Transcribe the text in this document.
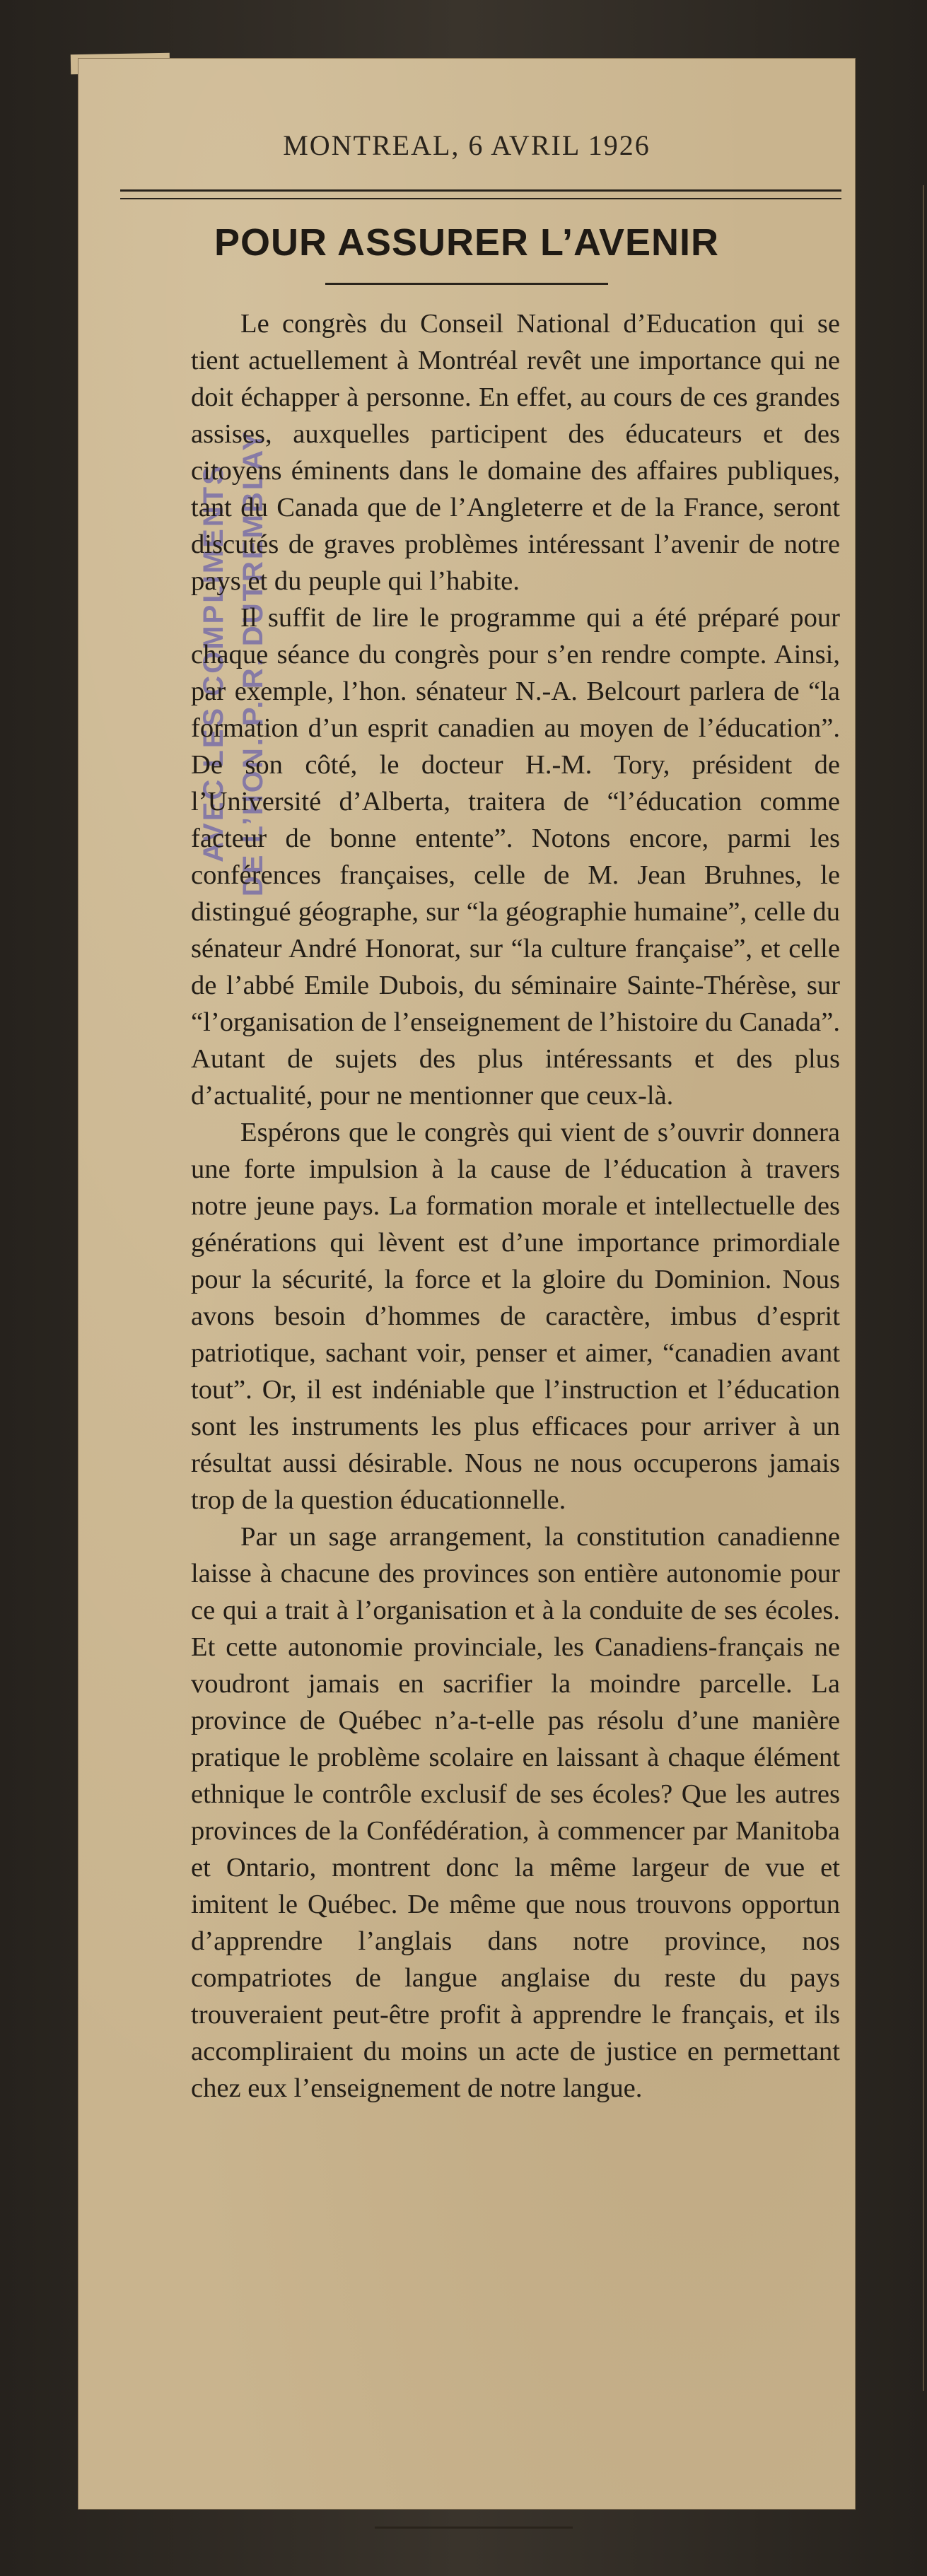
MONTREAL, 6 AVRIL 1926
POUR ASSURER L’AVENIR
AVEC LES COMPLIMENTS DE L’HON. P. R. DUTREMBLAY

Le congrès du Conseil National d’Education qui se tient actuellement à Montréal revêt une importance qui ne doit échapper à personne. En effet, au cours de ces grandes assises, auxquelles participent des éducateurs et des citoyens éminents dans le domaine des affaires publiques, tant du Canada que de l’Angleterre et de la France, seront discutés de graves problèmes intéressant l’avenir de notre pays et du peuple qui l’habite.

Il suffit de lire le programme qui a été préparé pour chaque séance du congrès pour s’en rendre compte. Ainsi, par exemple, l’hon. sénateur N.-A. Belcourt parlera de “la formation d’un esprit canadien au moyen de l’éducation”. De son côté, le docteur H.-M. Tory, président de l’Université d’Alberta, traitera de “l’éducation comme facteur de bonne entente”. Notons encore, parmi les conférences françaises, celle de M. Jean Bruhnes, le distingué géographe, sur “la géographie humaine”, celle du sénateur André Honorat, sur “la culture française”, et celle de l’abbé Emile Dubois, du séminaire Sainte-Thérèse, sur “l’organisation de l’enseignement de l’histoire du Canada”. Autant de sujets des plus intéressants et des plus d’actualité, pour ne mentionner que ceux-là.

Espérons que le congrès qui vient de s’ouvrir donnera une forte impulsion à la cause de l’éducation à travers notre jeune pays. La formation morale et intellectuelle des générations qui lèvent est d’une importance primordiale pour la sécurité, la force et la gloire du Dominion. Nous avons besoin d’hommes de caractère, imbus d’esprit patriotique, sachant voir, penser et aimer, “canadien avant tout”. Or, il est indéniable que l’instruction et l’éducation sont les instruments les plus efficaces pour arriver à un résultat aussi désirable. Nous ne nous occuperons jamais trop de la question éducationnelle.

Par un sage arrangement, la constitution canadienne laisse à chacune des provinces son entière autonomie pour ce qui a trait à l’organisation et à la conduite de ses écoles. Et cette autonomie provinciale, les Canadiens-français ne voudront jamais en sacrifier la moindre parcelle. La province de Québec n’a-t-elle pas résolu d’une manière pratique le problème scolaire en laissant à chaque élément ethnique le contrôle exclusif de ses écoles? Que les autres provinces de la Confédération, à commencer par Manitoba et Ontario, montrent donc la même largeur de vue et imitent le Québec. De même que nous trouvons opportun d’apprendre l’anglais dans notre province, nos compatriotes de langue anglaise du reste du pays trouveraient peut-être profit à apprendre le français, et ils accompliraient du moins un acte de justice en permettant chez eux l’enseignement de notre langue.
